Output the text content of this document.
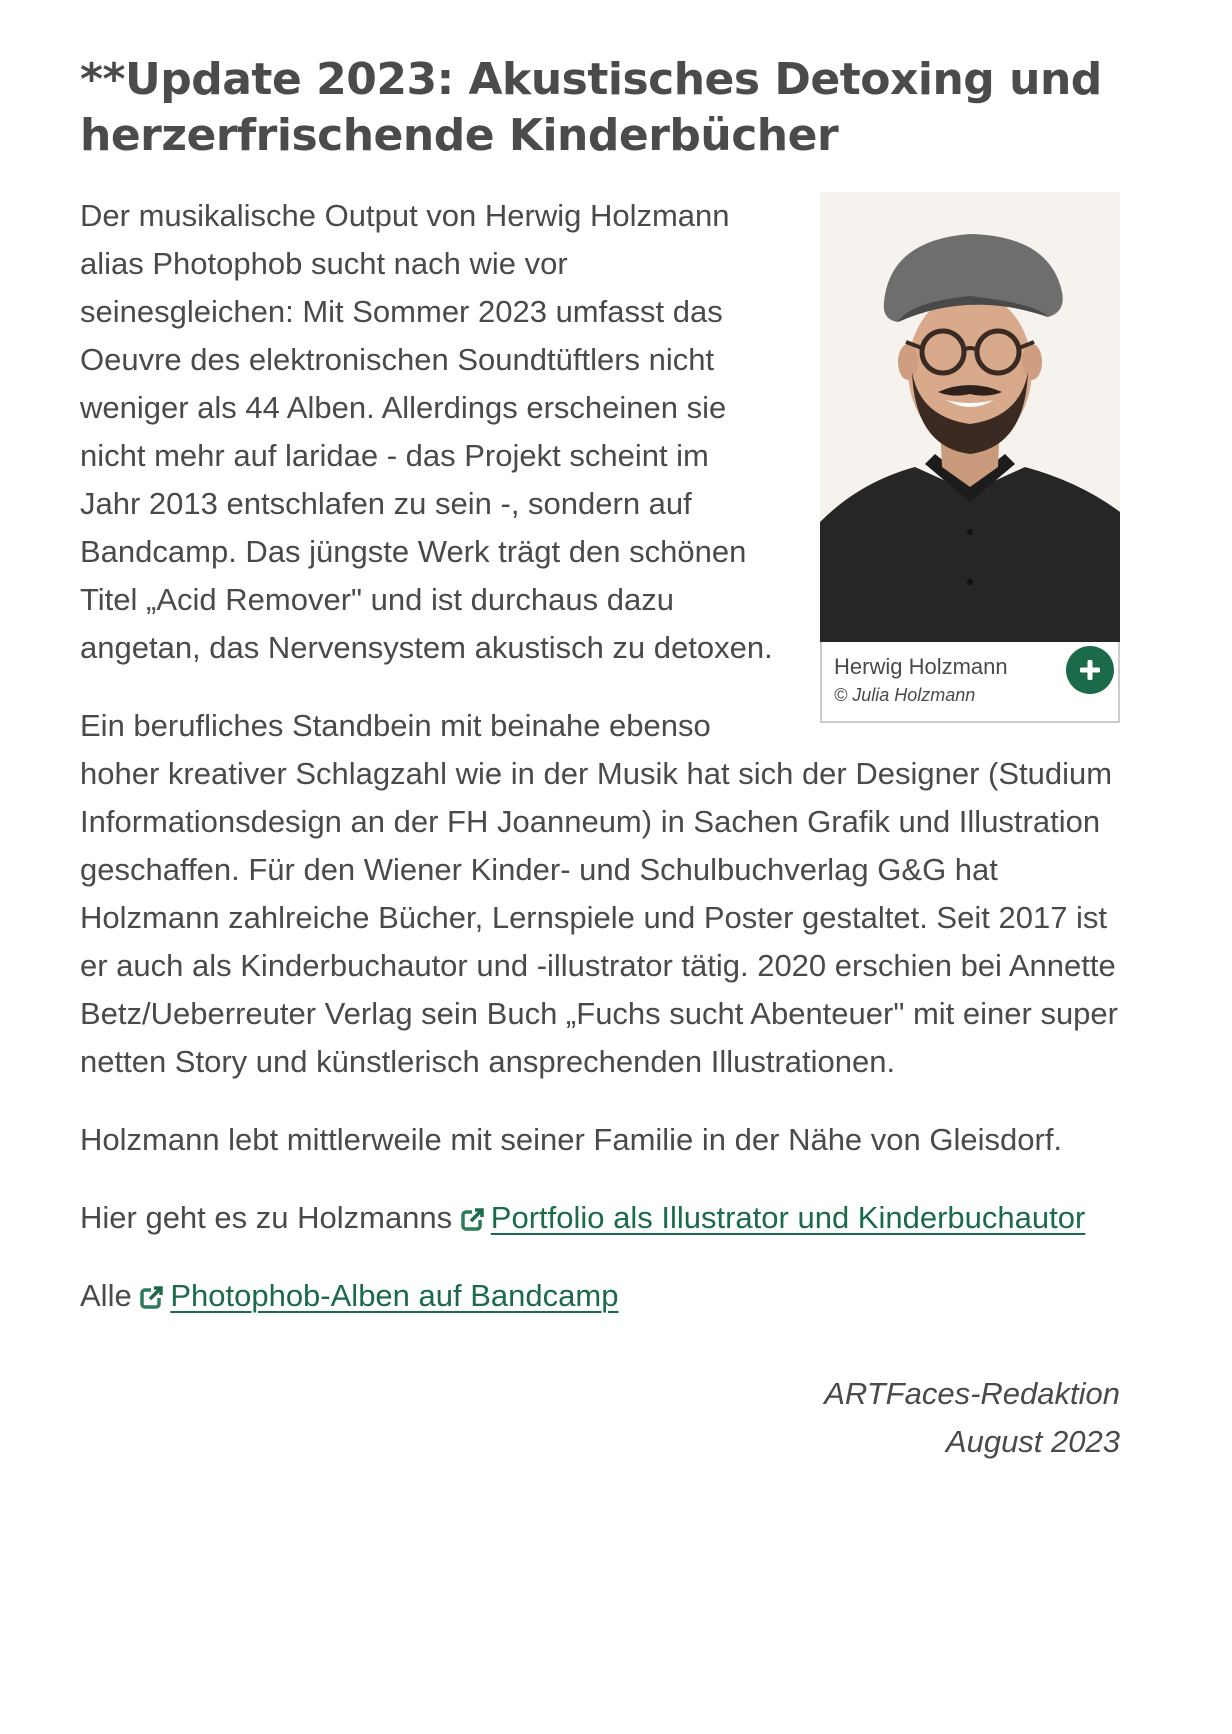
**Update 2023: Akustisches Detoxing und herzerfrischende Kinderbücher
Herwig Holzmann
© Julia Holzmann

Der musikalische Output von Herwig Holzmann alias Photophob sucht nach wie vor seinesgleichen: Mit Sommer 2023 umfasst das Oeuvre des elektronischen Soundtüftlers nicht weniger als 44 Alben. Allerdings erscheinen sie nicht mehr auf laridae - das Projekt scheint im Jahr 2013 entschlafen zu sein -, sondern auf Bandcamp. Das jüngste Werk trägt den schönen Titel „Acid Remover" und ist durchaus dazu angetan, das Nervensystem akustisch zu detoxen.

Ein berufliches Standbein mit beinahe ebenso hoher kreativer Schlagzahl wie in der Musik hat sich der Designer (Studium Informationsdesign an der FH Joanneum) in Sachen Grafik und Illustration geschaffen. Für den Wiener Kinder- und Schulbuchverlag G&G hat Holzmann zahlreiche Bücher, Lernspiele und Poster gestaltet. Seit 2017 ist er auch als Kinderbuchautor und -illustrator tätig. 2020 erschien bei Annette Betz/Ueberreuter Verlag sein Buch „Fuchs sucht Abenteuer" mit einer super netten Story und künstlerisch ansprechenden Illustrationen.

Holzmann lebt mittlerweile mit seiner Familie in der Nähe von Gleisdorf.

Hier geht es zu Holzmanns Portfolio als Illustrator und Kinderbuchautor

Alle Photophob-Alben auf Bandcamp

ARTFaces-Redaktion
August 2023
